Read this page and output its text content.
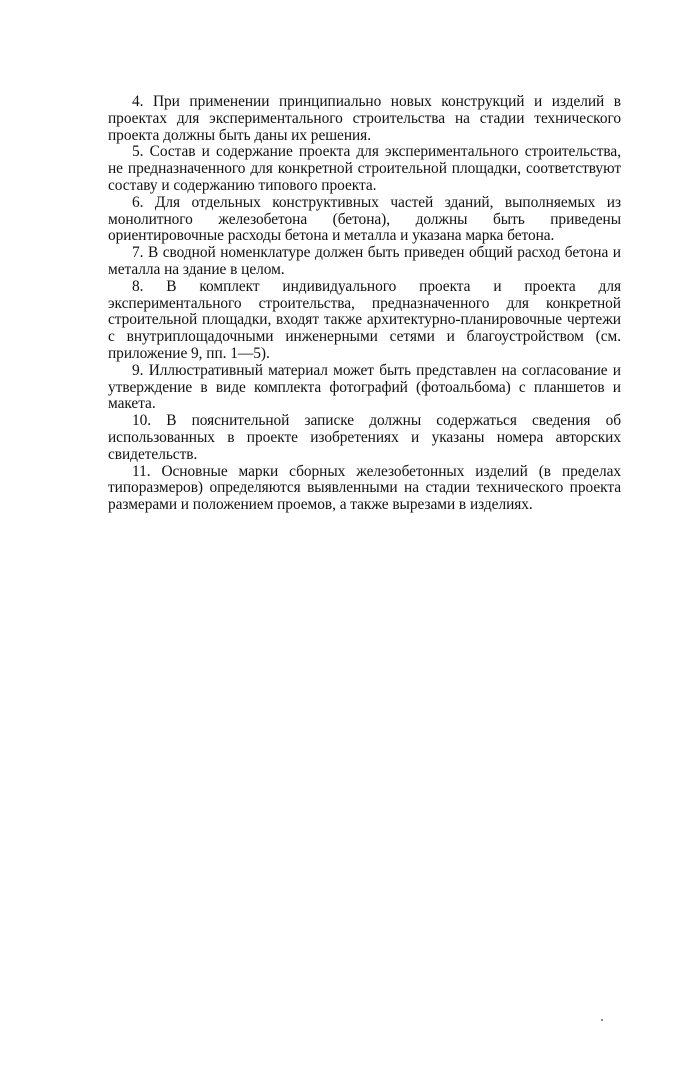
4. При применении принципиально новых конструкций и изделий в проектах для экспериментального строительства на стадии технического проекта должны быть даны их решения.

5. Состав и содержание проекта для экспериментального строительства, не предназначенного для конкретной строительной площадки, соответствуют составу и содержанию типового проекта.

6. Для отдельных конструктивных частей зданий, выполняемых из монолитного железобетона (бетона), должны быть приведены ориентировочные расходы бетона и металла и указана марка бетона.

7. В сводной номенклатуре должен быть приведен общий расход бетона и металла на здание в целом.

8. В комплект индивидуального проекта и проекта для экспериментального строительства, предназначенного для конкретной строительной площадки, входят также архитектурно-планировочные чертежи с внутриплощадочными инженерными сетями и благоустройством (см. приложение 9, пп. 1—5).

9. Иллюстративный материал может быть представлен на согласование и утверждение в виде комплекта фотографий (фотоальбома) с планшетов и макета.

10. В пояснительной записке должны содержаться сведения об использованных в проекте изобретениях и указаны номера авторских свидетельств.

11. Основные марки сборных железобетонных изделий (в пределах типоразмеров) определяются выявленными на стадии технического проекта размерами и положением проемов, а также вырезами в изделиях.
